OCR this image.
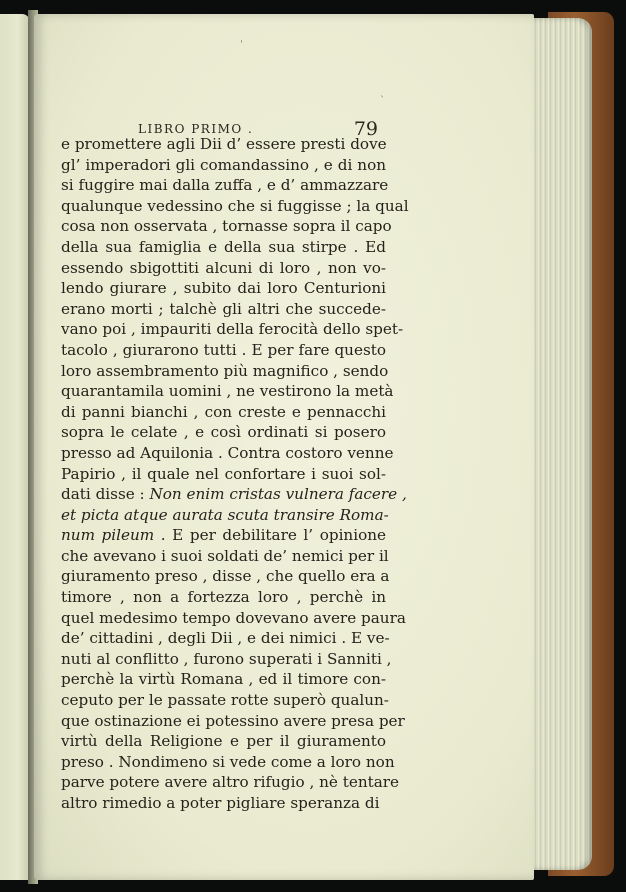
LIBRO PRIMO .	79
e promettere agli Dii d’ essere presti dove
gl’ imperadori gli comandassino , e di non
si fuggire mai dalla zuffa , e d’ ammazzare
qualunque vedessino che si fuggisse ; la qual
cosa non osservata , tornasse sopra il capo
della sua famiglia e della sua stirpe . Ed
essendo sbigottiti alcuni di loro , non vo-
lendo giurare , subito dai loro Centurioni
erano morti ; talchè gli altri che succede-
vano poi , impauriti della ferocità dello spet-
tacolo , giurarono tutti . E per fare questo
loro assembramento più magnifico , sendo
quarantamila uomini , ne vestirono la metà
di panni bianchi , con creste e pennacchi
sopra le celate , e così ordinati si posero
presso ad Aquilonia . Contra costoro venne
Papirio , il quale nel confortare i suoi sol-
dati disse : Non enim cristas vulnera facere ,
et picta atque aurata scuta transire Roma-
num pileum . E per debilitare l’ opinione
che avevano i suoi soldati de’ nemici per il
giuramento preso , disse , che quello era a
timore , non a fortezza loro , perchè in
quel medesimo tempo dovevano avere paura
de’ cittadini , degli Dii , e dei nimici . E ve-
nuti al conflitto , furono superati i Sanniti ,
perchè la virtù Romana , ed il timore con-
ceputo per le passate rotte superò qualun-
que ostinazione ei potessino avere presa per
virtù della Religione e per il giuramento
preso . Nondimeno si vede come a loro non
parve potere avere altro rifugio , nè tentare
altro rimedio a poter pigliare speranza di
ˈ
ˋ
